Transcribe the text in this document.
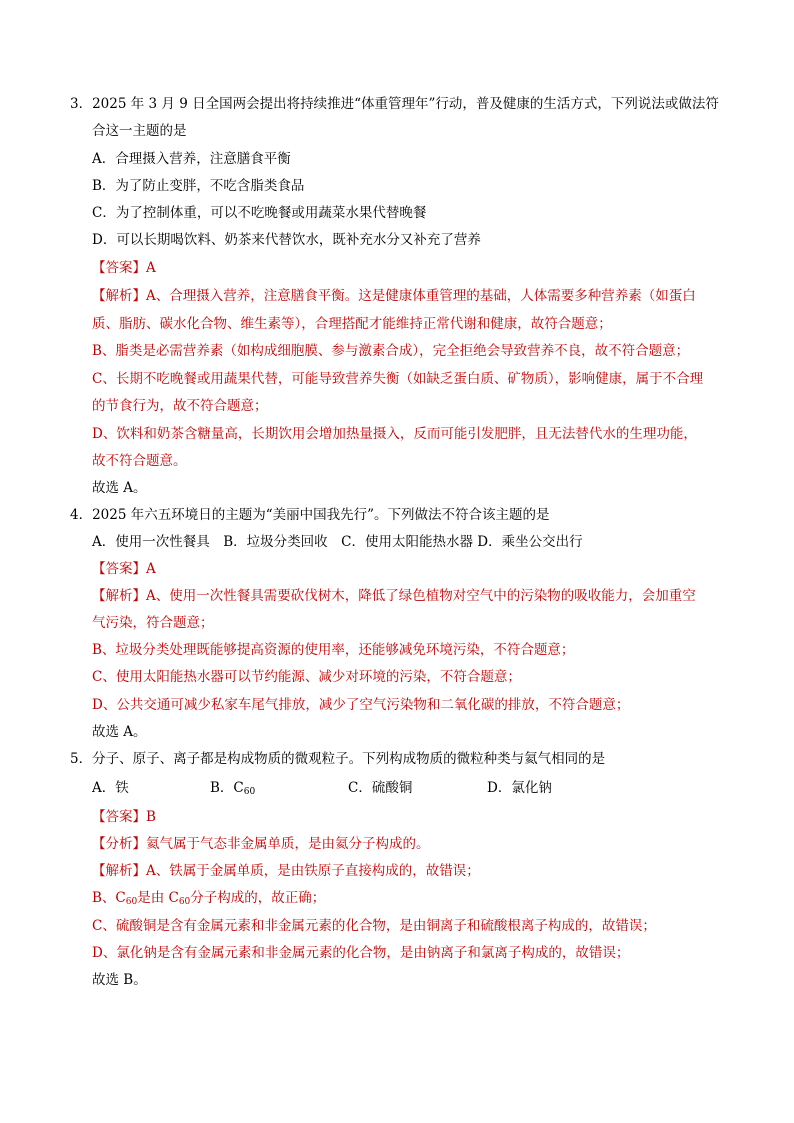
3．2025 年 3 月 9 日全国两会提出将持续推进“体重管理年”行动，普及健康的生活方式，下列说法或做法符
合这一主题的是
A．合理摄入营养，注意膳食平衡
B．为了防止变胖，不吃含脂类食品
C．为了控制体重，可以不吃晚餐或用蔬菜水果代替晚餐
D．可以长期喝饮料、奶茶来代替饮水，既补充水分又补充了营养
【答案】A
【解析】A、合理摄入营养，注意膳食平衡。这是健康体重管理的基础，人体需要多种营养素（如蛋白
质、脂肪、碳水化合物、维生素等），合理搭配才能维持正常代谢和健康，故符合题意；
B、脂类是必需营养素（如构成细胞膜、参与激素合成），完全拒绝会导致营养不良，故不符合题意；
C、长期不吃晚餐或用蔬果代替，可能导致营养失衡（如缺乏蛋白质、矿物质），影响健康，属于不合理
的节食行为，故不符合题意；
D、饮料和奶茶含糖量高，长期饮用会增加热量摄入，反而可能引发肥胖，且无法替代水的生理功能，
故不符合题意。
故选 A。
4．2025 年六五环境日的主题为“美丽中国我先行”。下列做法不符合该主题的是
A．使用一次性餐具　B．垃圾分类回收　C．使用太阳能热水器 D．乘坐公交出行
【答案】A
【解析】A、使用一次性餐具需要砍伐树木，降低了绿色植物对空气中的污染物的吸收能力，会加重空
气污染，符合题意；
B、垃圾分类处理既能够提高资源的使用率，还能够减免环境污染，不符合题意；
C、使用太阳能热水器可以节约能源、减少对环境的污染，不符合题意；
D、公共交通可减少私家车尾气排放，减少了空气污染物和二氧化碳的排放，不符合题意；
故选 A。
5．分子、原子、离子都是构成物质的微观粒子。下列构成物质的微粒种类与氦气相同的是
A．铁	B．$C_{60}$	C．硫酸铜	D．氯化钠
【答案】B
【分析】氦气属于气态非金属单质，是由氦分子构成的。
【解析】A、铁属于金属单质，是由铁原子直接构成的，故错误；
B、$C_{60}$是由 $C_{60}$分子构成的，故正确；
C、硫酸铜是含有金属元素和非金属元素的化合物，是由铜离子和硫酸根离子构成的，故错误；
D、氯化钠是含有金属元素和非金属元素的化合物，是由钠离子和氯离子构成的，故错误；
故选 B。
